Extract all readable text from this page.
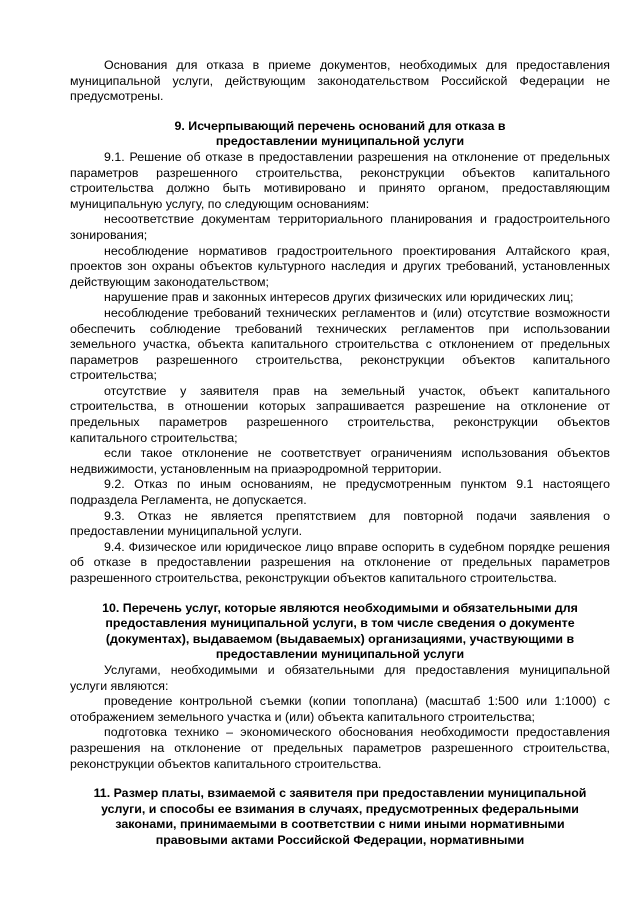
Основания для отказа в приеме документов, необходимых для предоставления муниципальной услуги, действующим законодательством Российской Федерации не предусмотрены.

9. Исчерпывающий перечень оснований для отказа в предоставлении муниципальной услуги

9.1. Решение об отказе в предоставлении разрешения на отклонение от предельных параметров разрешенного строительства, реконструкции объектов капитального строительства должно быть мотивировано и принято органом, предоставляющим муниципальную услугу, по следующим основаниям:

несоответствие документам территориального планирования и градостроительного зонирования;

несоблюдение нормативов градостроительного проектирования Алтайского края, проектов зон охраны объектов культурного наследия и других требований, установленных действующим законодательством;

нарушение прав и законных интересов других физических или юридических лиц;

несоблюдение требований технических регламентов и (или) отсутствие возможности обеспечить соблюдение требований технических регламентов при использовании земельного участка, объекта капитального строительства с отклонением от предельных параметров разрешенного строительства, реконструкции объектов капитального строительства;

отсутствие у заявителя прав на земельный участок, объект капитального строительства, в отношении которых запрашивается разрешение на отклонение от предельных параметров разрешенного строительства, реконструкции объектов капитального строительства;

если такое отклонение не соответствует ограничениям использования объектов недвижимости, установленным на приаэродромной территории.

9.2. Отказ по иным основаниям, не предусмотренным пунктом 9.1 настоящего подраздела Регламента, не допускается.

9.3. Отказ не является препятствием для повторной подачи заявления о предоставлении муниципальной услуги.

9.4. Физическое или юридическое лицо вправе оспорить в судебном порядке решения об отказе в предоставлении разрешения на отклонение от предельных параметров разрешенного строительства, реконструкции объектов капитального строительства.

10. Перечень услуг, которые являются необходимыми и обязательными для предоставления муниципальной услуги, в том числе сведения о документе (документах), выдаваемом (выдаваемых) организациями, участвующими в предоставлении муниципальной услуги

Услугами, необходимыми и обязательными для предоставления муниципальной услуги являются:

проведение контрольной съемки (копии топоплана) (масштаб 1:500 или 1:1000) с отображением земельного участка и (или) объекта капитального строительства;

подготовка технико – экономического обоснования необходимости предоставления разрешения на отклонение от предельных параметров разрешенного строительства, реконструкции объектов капитального строительства.

11. Размер платы, взимаемой с заявителя при предоставлении муниципальной услуги, и способы ее взимания в случаях, предусмотренных федеральными законами, принимаемыми в соответствии с ними иными нормативными правовыми актами Российской Федерации, нормативными
